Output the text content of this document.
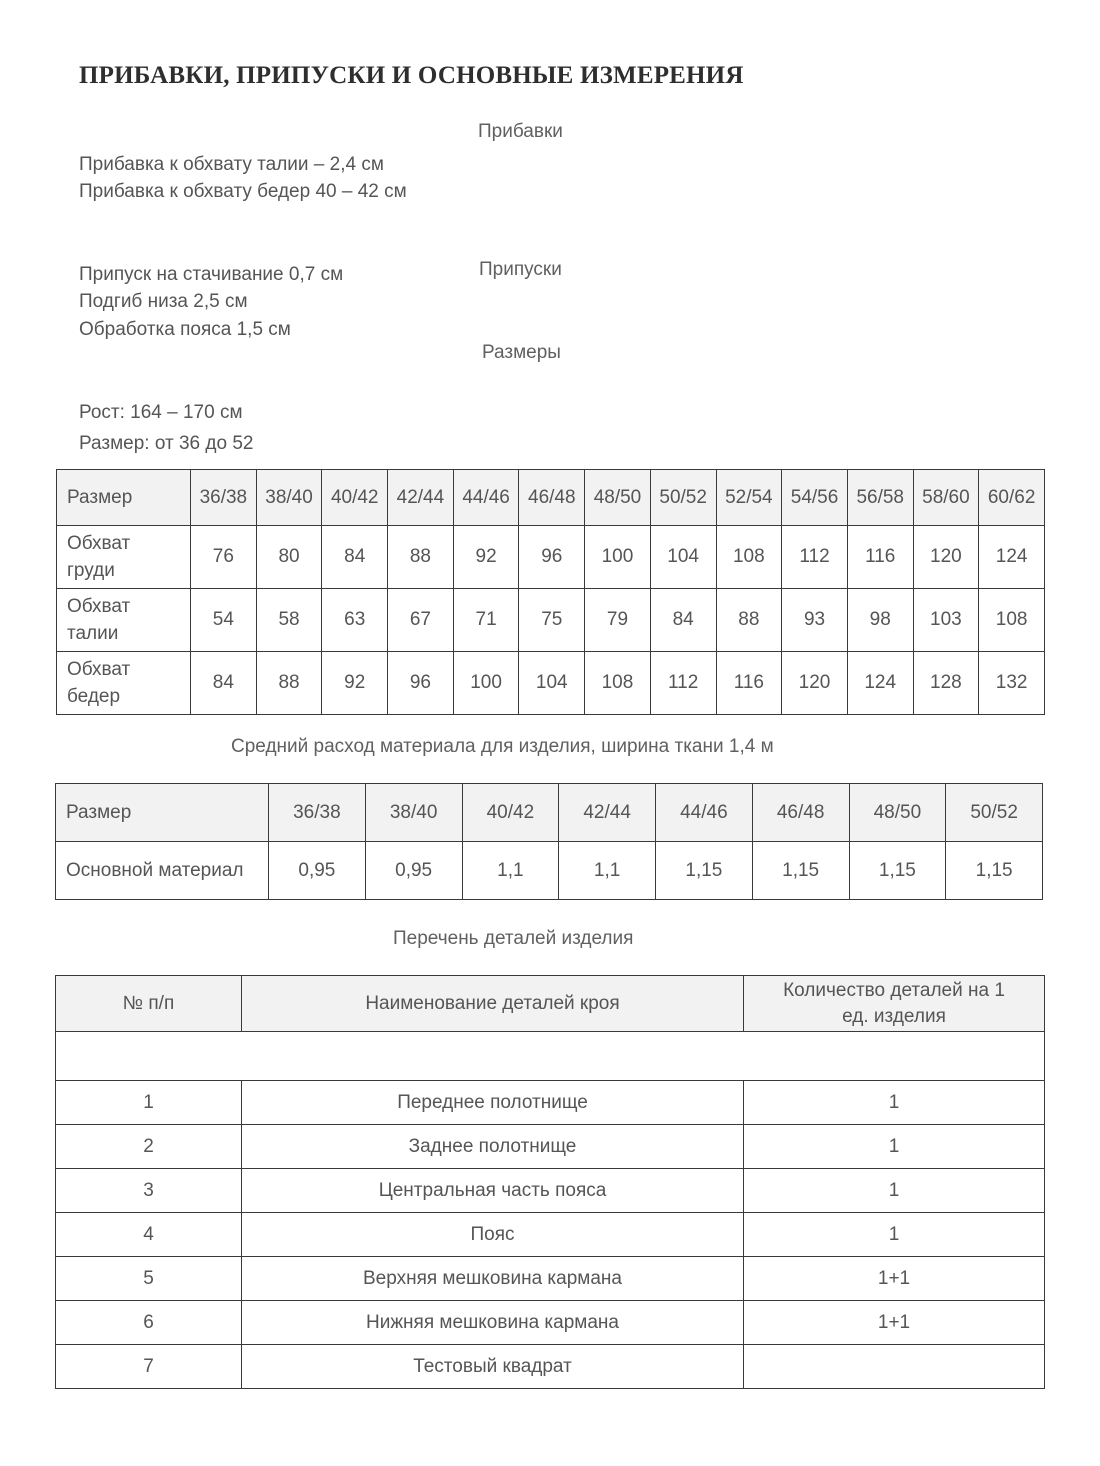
ПРИБАВКИ, ПРИПУСКИ И ОСНОВНЫЕ ИЗМЕРЕНИЯ
Прибавки
Прибавка к обхвату талии – 2,4 см
Прибавка к обхвату бедер 40 – 42 см
Припуски
Припуск на стачивание 0,7 см
Подгиб низа 2,5 см
Обработка пояса 1,5 см
Размеры
Рост: 164 – 170 см
Размер: от 36 до 52
Размер	36/38	38/40	40/42	42/44	44/46	46/48	48/50	50/52	52/54	54/56	56/58	58/60	60/62
Обхват
груди	76	80	84	88	92	96	100	104	108	112	116	120	124
Обхват
талии	54	58	63	67	71	75	79	84	88	93	98	103	108
Обхват
бедер	84	88	92	96	100	104	108	112	116	120	124	128	132
Средний расход материала для изделия, ширина ткани 1,4 м
Размер	36/38	38/40	40/42	42/44	44/46	46/48	48/50	50/52
Основной материал	0,95	0,95	1,1	1,1	1,15	1,15	1,15	1,15
Перечень деталей изделия
№ п/п	Наименование деталей кроя	Количество деталей на 1
ед. изделия

1	Переднее полотнище	1
2	Заднее полотнище	1
3	Центральная часть пояса	1
4	Пояс	1
5	Верхняя мешковина кармана	1+1
6	Нижняя мешковина кармана	1+1
7	Тестовый квадрат	
